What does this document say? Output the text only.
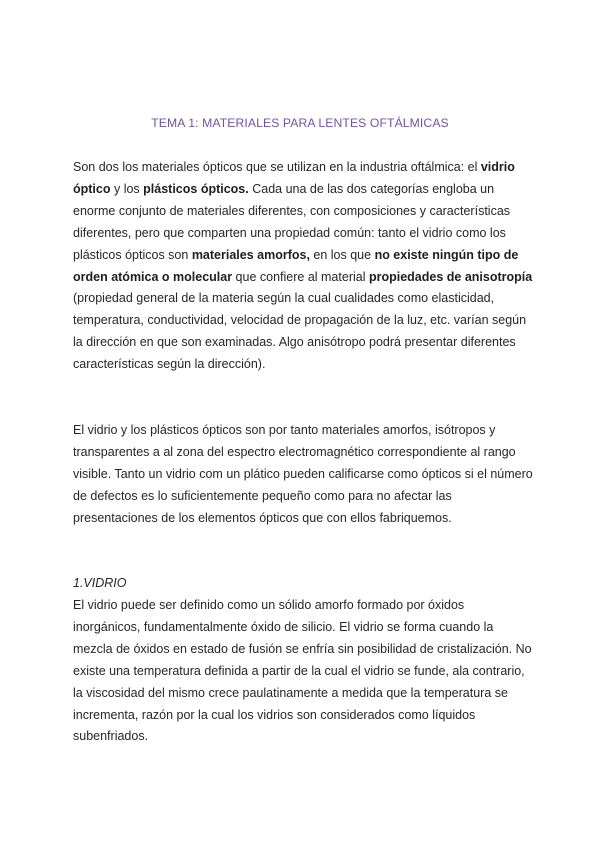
TEMA 1: MATERIALES PARA LENTES OFTÁLMICAS
Son dos los materiales ópticos que se utilizan en la industria oftálmica: el vidrio óptico y los plásticos ópticos. Cada una de las dos categorías engloba un enorme conjunto de materiales diferentes, con composiciones y características diferentes, pero que comparten una propiedad común: tanto el vidrio como los plásticos ópticos son materiales amorfos, en los que no existe ningún tipo de orden atómica o molecular que confiere al material propiedades de anisotropía (propiedad general de la materia según la cual cualidades como elasticidad, temperatura, conductividad, velocidad de propagación de la luz, etc. varían según la dirección en que son examinadas. Algo anisótropo podrá presentar diferentes características según la dirección).
El vidrio y los plásticos ópticos son por tanto materiales amorfos, isótropos y transparentes a al zona del espectro electromagnético correspondiente al rango visible. Tanto un vidrio com un plático pueden calificarse como ópticos si el número de defectos es lo suficientemente pequeño como para no afectar las presentaciones de los elementos ópticos que con ellos fabriquemos.
1.VIDRIO
El vidrio puede ser definido como un sólido amorfo formado por óxidos inorgánicos, fundamentalmente óxido de silicio. El vidrio se forma cuando la mezcla de óxidos en estado de fusión se enfría sin posibilidad de cristalización. No existe una temperatura definida a partir de la cual el vidrio se funde, ala contrario, la viscosidad del mismo crece paulatinamente a medida que la temperatura se incrementa, razón por la cual los vidrios son considerados como líquidos subenfriados.
